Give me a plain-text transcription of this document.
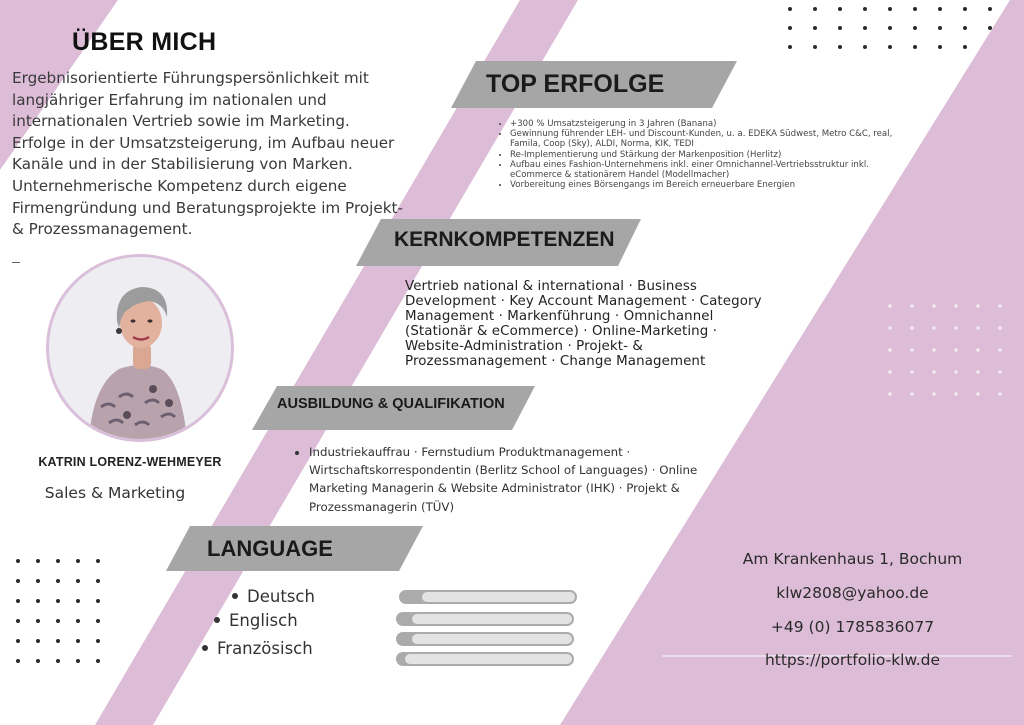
ÜBER MICH
Ergebnisorientierte Führungspersönlichkeit mit langjähriger Erfahrung im nationalen und internationalen Vertrieb sowie im Marketing. Erfolge in der Umsatzsteigerung, im Aufbau neuer Kanäle und in der Stabilisierung von Marken. Unternehmerische Kompetenz durch eigene Firmengründung und Beratungsprojekte im Projekt- & Prozessmanagement.
KATRIN LORENZ-WEHMEYER
Sales & Marketing
TOP ERFOLGE
• +300 % Umsatzsteigerung in 3 Jahren (Banana)
• Gewinnung führender LEH- und Discount-Kunden, u. a. EDEKA Südwest, Metro C&C, real, Famila, Coop (Sky), ALDI, Norma, KIK, TEDI
• Re-Implementierung und Stärkung der Markenposition (Herlitz)
• Aufbau eines Fashion-Unternehmens inkl. einer Omnichannel-Vertriebsstruktur inkl. eCommerce & stationärem Handel (Modellmacher)
• Vorbereitung eines Börsengangs im Bereich erneuerbare Energien
KERNKOMPETENZEN
Vertrieb national & international · Business Development · Key Account Management · Category Management · Markenführung · Omnichannel (Stationär & eCommerce) · Online-Marketing · Website-Administration · Projekt- & Prozessmanagement · Change Management
AUSBILDUNG & QUALIFIKATION
• Industriekauffrau · Fernstudium Produktmanagement · Wirtschaftskorrespondentin (Berlitz School of Languages) · Online Marketing Managerin & Website Administrator (IHK) · Projekt & Prozessmanagerin (TÜV)
LANGUAGE
Deutsch
Englisch
Französisch
Am Krankenhaus 1, Bochum
klw2808@yahoo.de
+49 (0) 1785836077
https://portfolio-klw.de
